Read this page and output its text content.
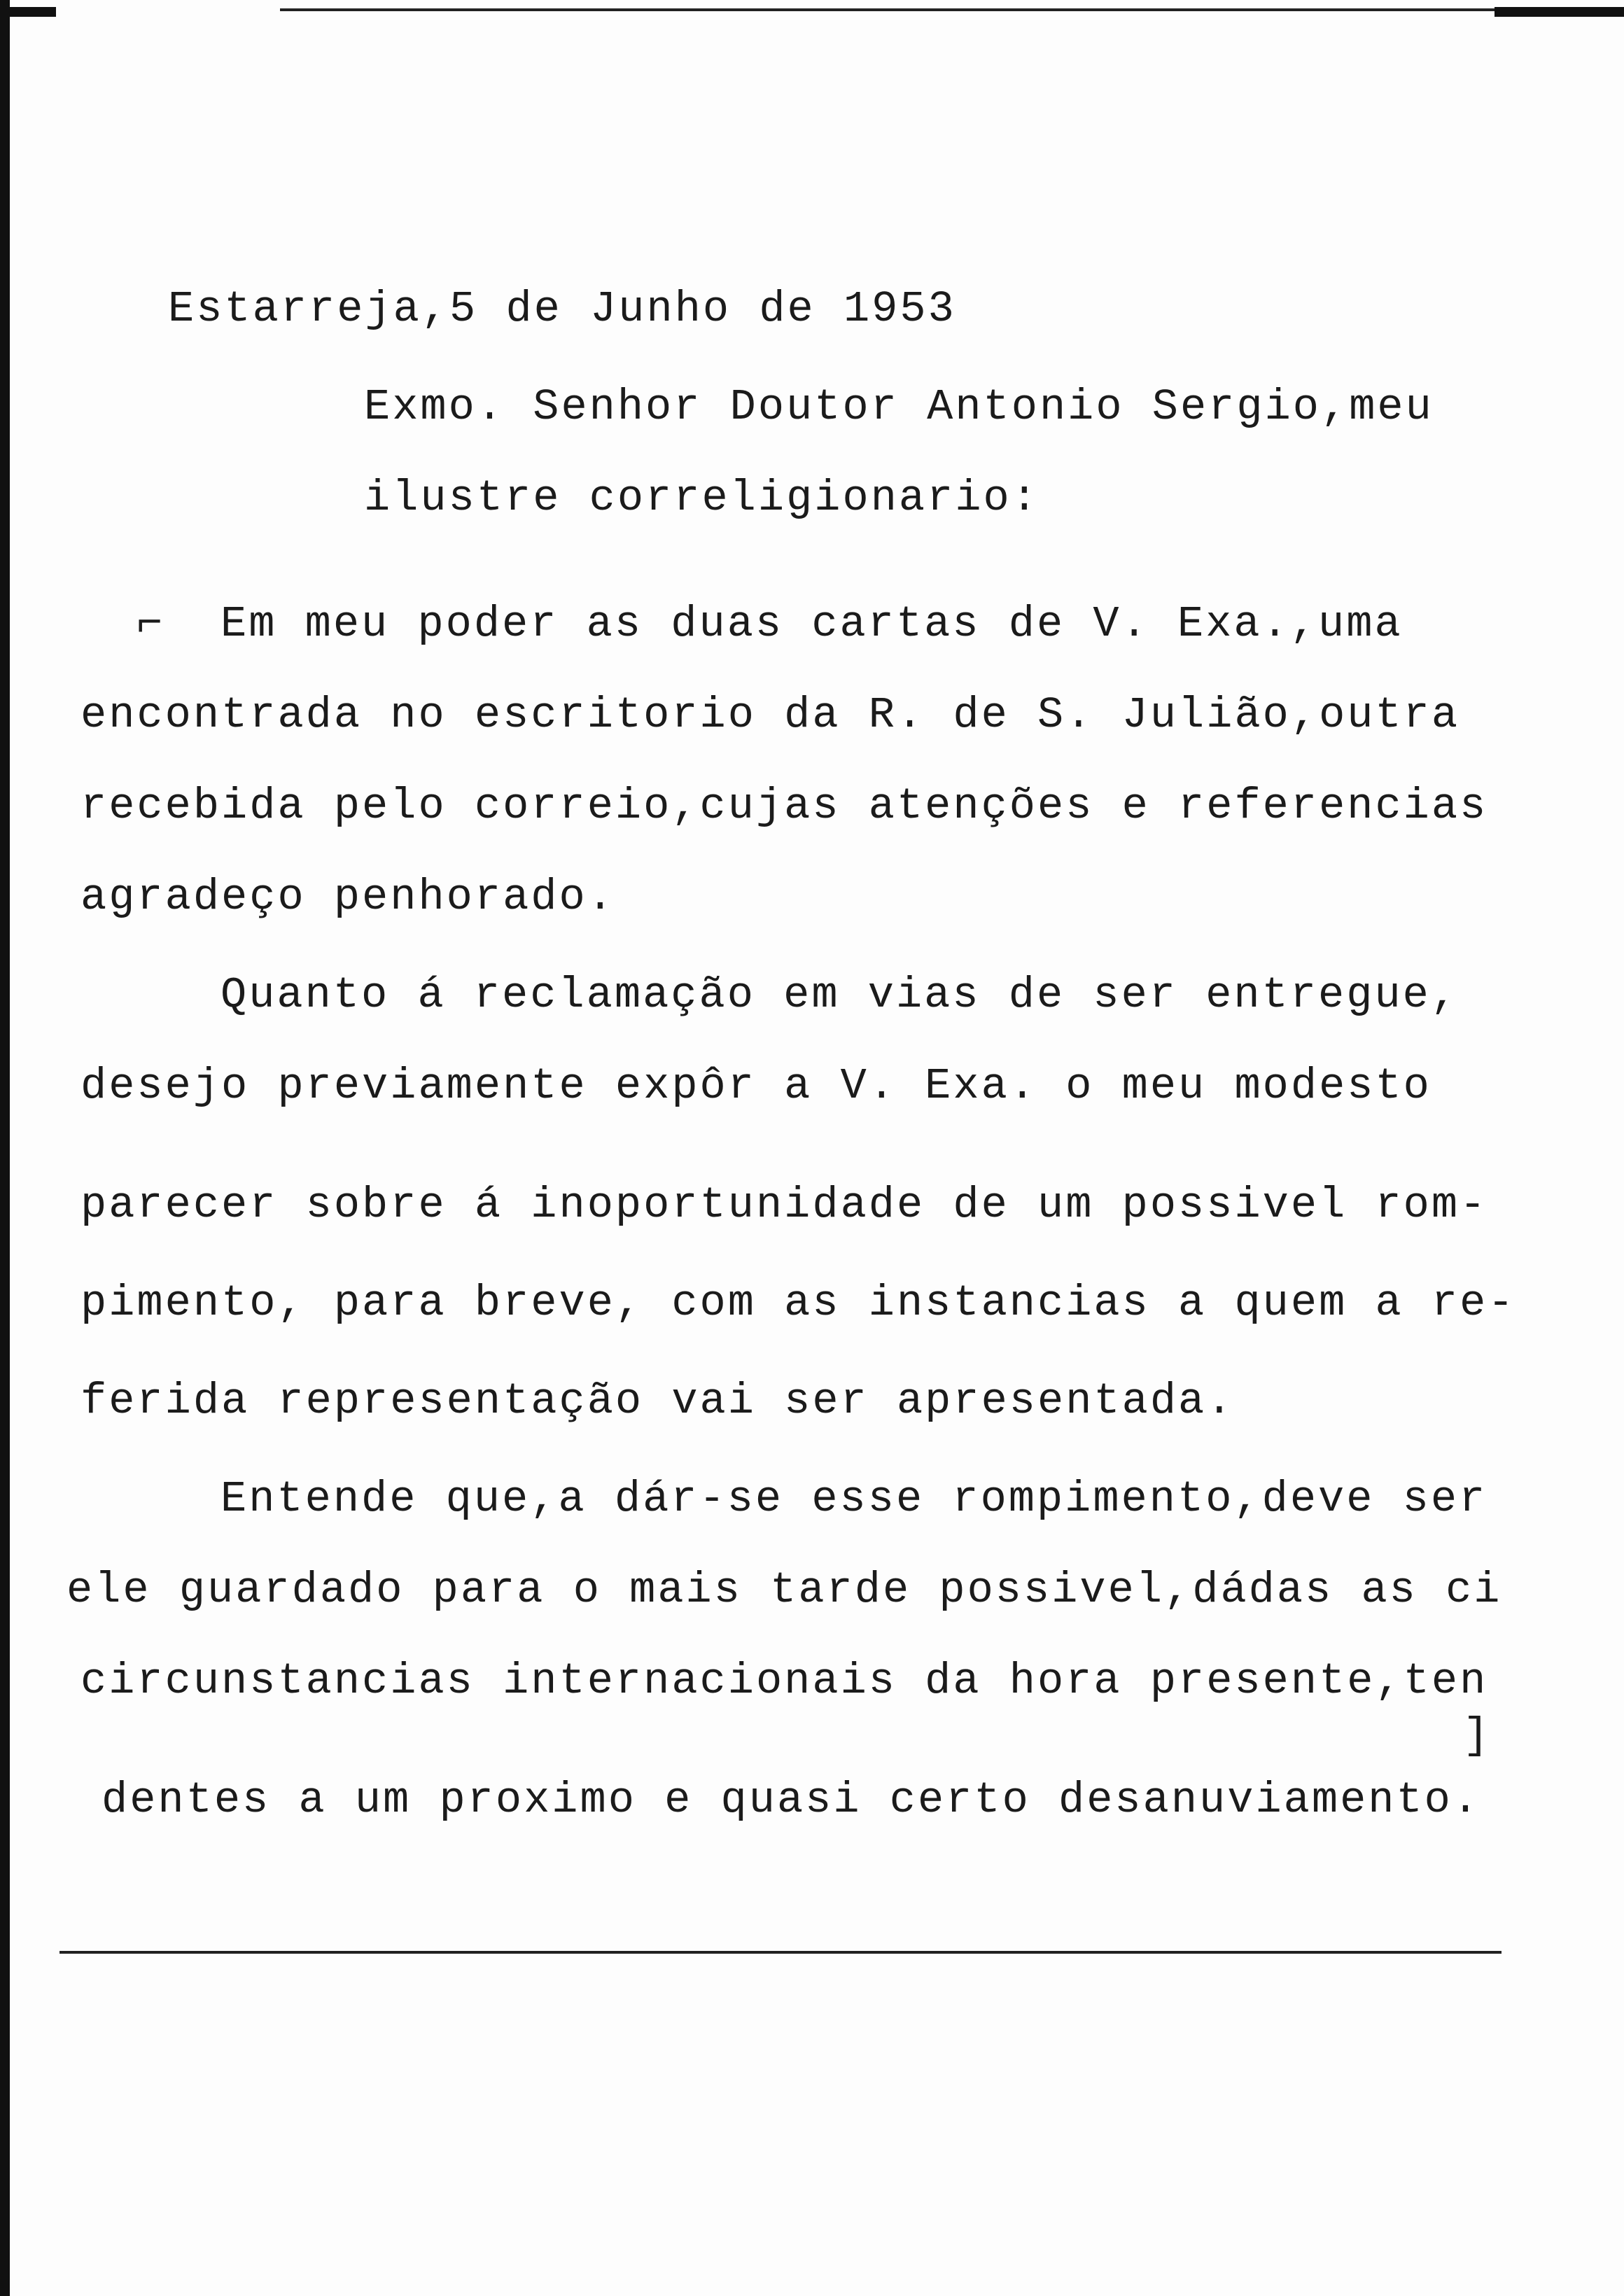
Estarreja,5 de Junho de 1953
Exmo. Senhor Doutor Antonio Sergio,meu
ilustre correligionario:
⌐ Em meu poder as duas cartas de V. Exa.,uma
encontrada no escritorio da R. de S. Julião,outra
recebida pelo correio,cujas atenções e referencias
agradeço penhorado.
Quanto á reclamação em vias de ser entregue,
desejo previamente expôr a V. Exa. o meu modesto
parecer sobre á inoportunidade de um possivel rom-
pimento, para breve, com as instancias a quem a re-
ferida representação vai ser apresentada.
Entende que,a dár-se esse rompimento,deve ser
ele guardado para o mais tarde possivel,dádas as ci
circunstancias internacionais da hora presente,ten
]
dentes a um proximo e quasi certo desanuviamento.
